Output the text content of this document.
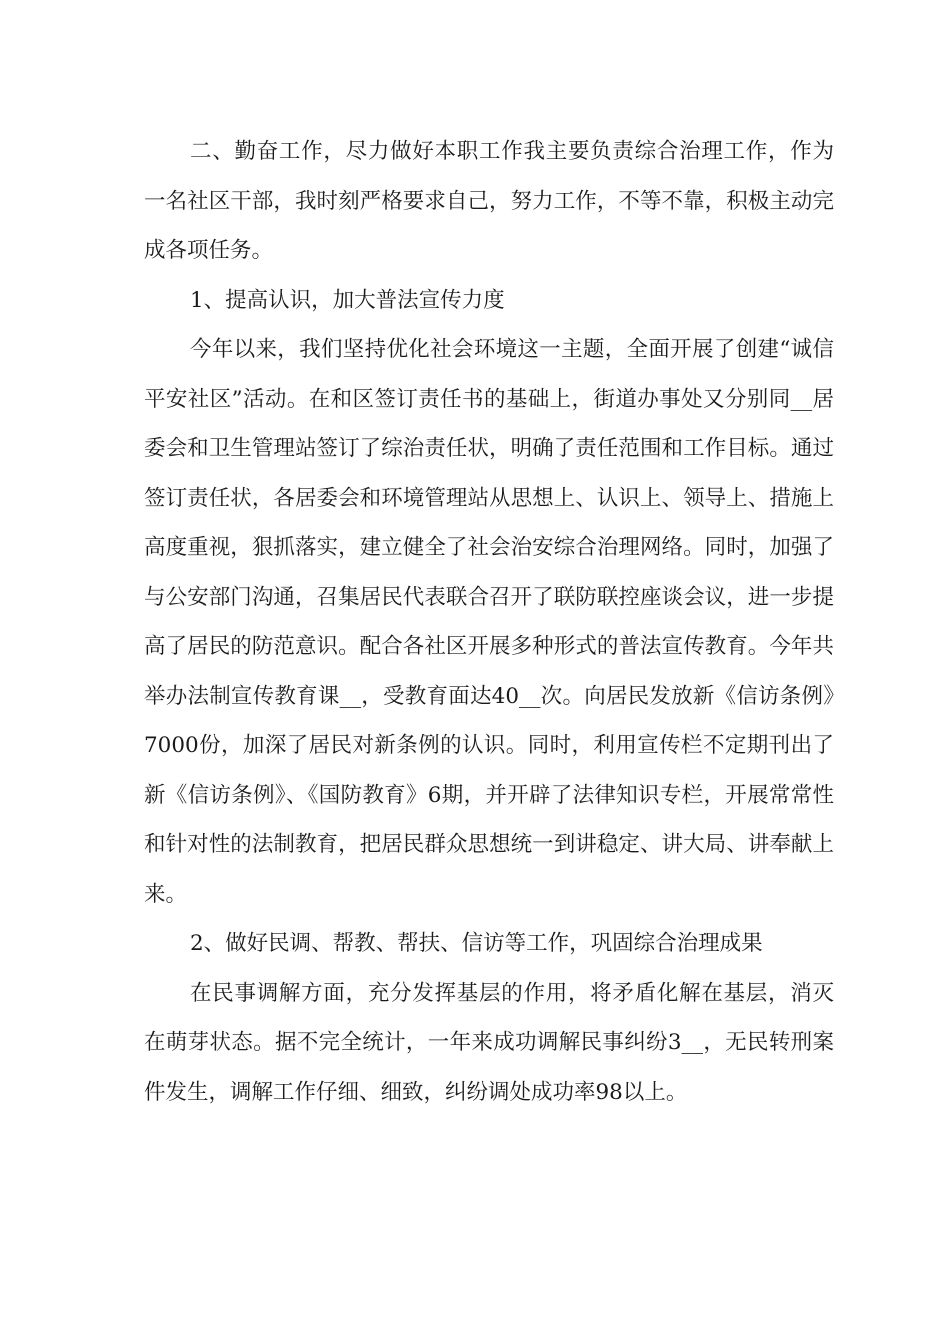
二、勤奋工作，尽力做好本职工作我主要负责综合治理工作，作为一名社区干部，我时刻严格要求自己，努力工作，不等不靠，积极主动完成各项任务。

1、提高认识，加大普法宣传力度

今年以来，我们坚持优化社会环境这一主题，全面开展了创建“诚信平安社区”活动。在和区签订责任书的基础上，街道办事处又分别同__居委会和卫生管理站签订了综治责任状，明确了责任范围和工作目标。通过签订责任状，各居委会和环境管理站从思想上、认识上、领导上、措施上高度重视，狠抓落实，建立健全了社会治安综合治理网络。同时，加强了与公安部门沟通，召集居民代表联合召开了联防联控座谈会议，进一步提高了居民的防范意识。配合各社区开展多种形式的普法宣传教育。今年共举办法制宣传教育课__，受教育面达40__次。向居民发放新《信访条例》7000份，加深了居民对新条例的认识。同时，利用宣传栏不定期刊出了新《信访条例》、《国防教育》6期，并开辟了法律知识专栏，开展常常性和针对性的法制教育，把居民群众思想统一到讲稳定、讲大局、讲奉献上来。

2、做好民调、帮教、帮扶、信访等工作，巩固综合治理成果

在民事调解方面，充分发挥基层的作用，将矛盾化解在基层，消灭在萌芽状态。据不完全统计，一年来成功调解民事纠纷3__，无民转刑案件发生，调解工作仔细、细致，纠纷调处成功率98以上。
